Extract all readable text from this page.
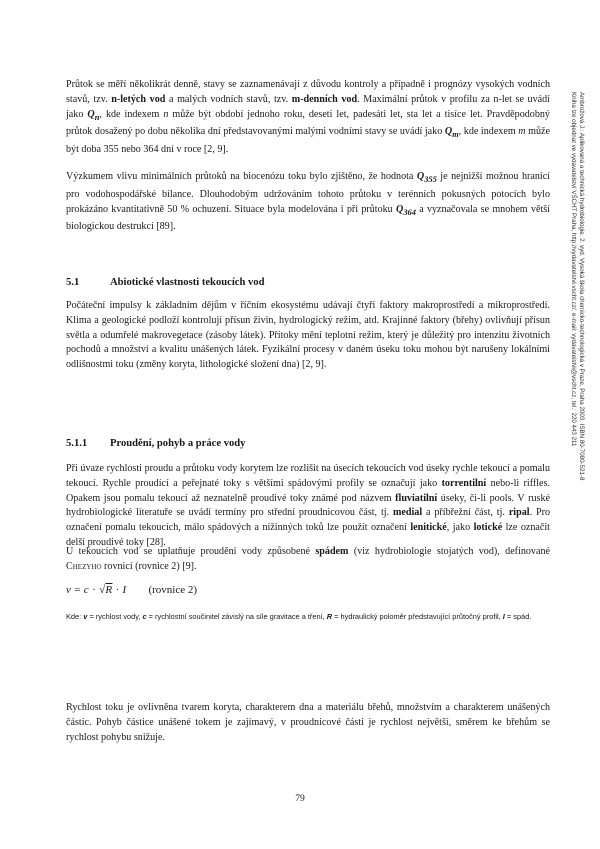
Ambrožová J.: Aplikovaná a technická hydrobiologie. 2. vyd. Vysoká škola chemicko-technologická v Praze, Praha 2003. ISBN 80-7080-521-8
Kniha lze objednat ve vydavatelství VŠCHT Praha, http://vydavatelstvi.vscht.cz/, e-mail: vydavatelstvi@vscht.cz, tel.: 220 443 211

Průtok se měří několikrát denně, stavy se zaznamenávají z důvodu kontroly a případně i prognózy vysokých vodních stavů, tzv. n-letých vod a malých vodních stavů, tzv. m-denních vod. Maximální průtok v profilu za n-let se uvádí jako $Q_n$, kde indexem n může být období jednoho roku, deseti let, padesáti let, sta let a tisíce let. Pravděpodobný průtok dosažený po dobu několika dní představovanými malými vodními stavy se uvádí jako $Q_m$, kde indexem m může být doba 355 nebo 364 dní v roce [2, 9].

Výzkumem vlivu minimálních průtoků na biocenózu toku bylo zjištěno, že hodnota $Q_{355}$ je nejnižší možnou hranicí pro vodohospodářské bilance. Dlouhodobým udržováním tohoto průtoku v terénních pokusných potocích bylo prokázáno kvantitativně 50 % ochuzení. Situace byla modelována i při průtoku $Q_{364}$ a vyznačovala se mnohem větší biologickou destrukcí [89].

5.1	Abiotické vlastnosti tekoucích vod

Počáteční impulsy k základním dějům v říčním ekosystému udávají čtyři faktory makroprostředí a mikroprostředí. Klima a geologické podloží kontrolují přísun živin, hydrologický režim, atd. Krajinné faktory (břehy) ovlivňují přísun světla a odumřelé makrovegetace (zásoby látek). Přítoky mění teplotní režim, který je důležitý pro intenzitu životních pochodů a množství a kvalitu unášených látek. Fyzikální procesy v daném úseku toku mohou být narušeny lokálními odlišnostmi toku (změny koryta, lithologické složení dna) [2, 9].

5.1.1 Proudění, pohyb a práce vody

Při úvaze rychlosti proudu a průtoku vody korytem lze rozlišit na úsecích tekoucích vod úseky rychle tekoucí a pomalu tekoucí. Rychle proudící a peřejnaté toky s většími spádovými profily se označují jako torrentilní nebo-li riffles. Opakem jsou pomalu tekoucí až neznatelně proudivé toky známé pod názvem fluviatilní úseky, či-li pools. V ruské hydrobiologické literatuře se uvádí termíny pro střední proudnicovou část, tj. medial a příbřežní část, tj. ripal. Pro označení pomalu tekoucích, málo spádových a nížinných toků lze použít označení lenitické, jako lotické lze označit delší proudivé toky [28].

U tekoucích vod se uplatňuje proudění vody způsobené spádem (viz hydrobiologie stojatých vod), definované Chezyho rovnicí (rovnice 2) [9].

v = c · √R · I (rovnice 2)

Kde: v = rychlost vody, c = rychlostní součinitel závislý na síle gravitace a tření, R = hydraulický poloměr představující průtočný profil, I = spád.

Rychlost toku je ovlivněna tvarem koryta, charakterem dna a materiálu břehů, množstvím a charakterem unášených částic. Pohyb částice unášené tokem je zajímavý, v proudnicové části je rychlost největší, směrem ke břehům se rychlost pohybu snižuje.

79
